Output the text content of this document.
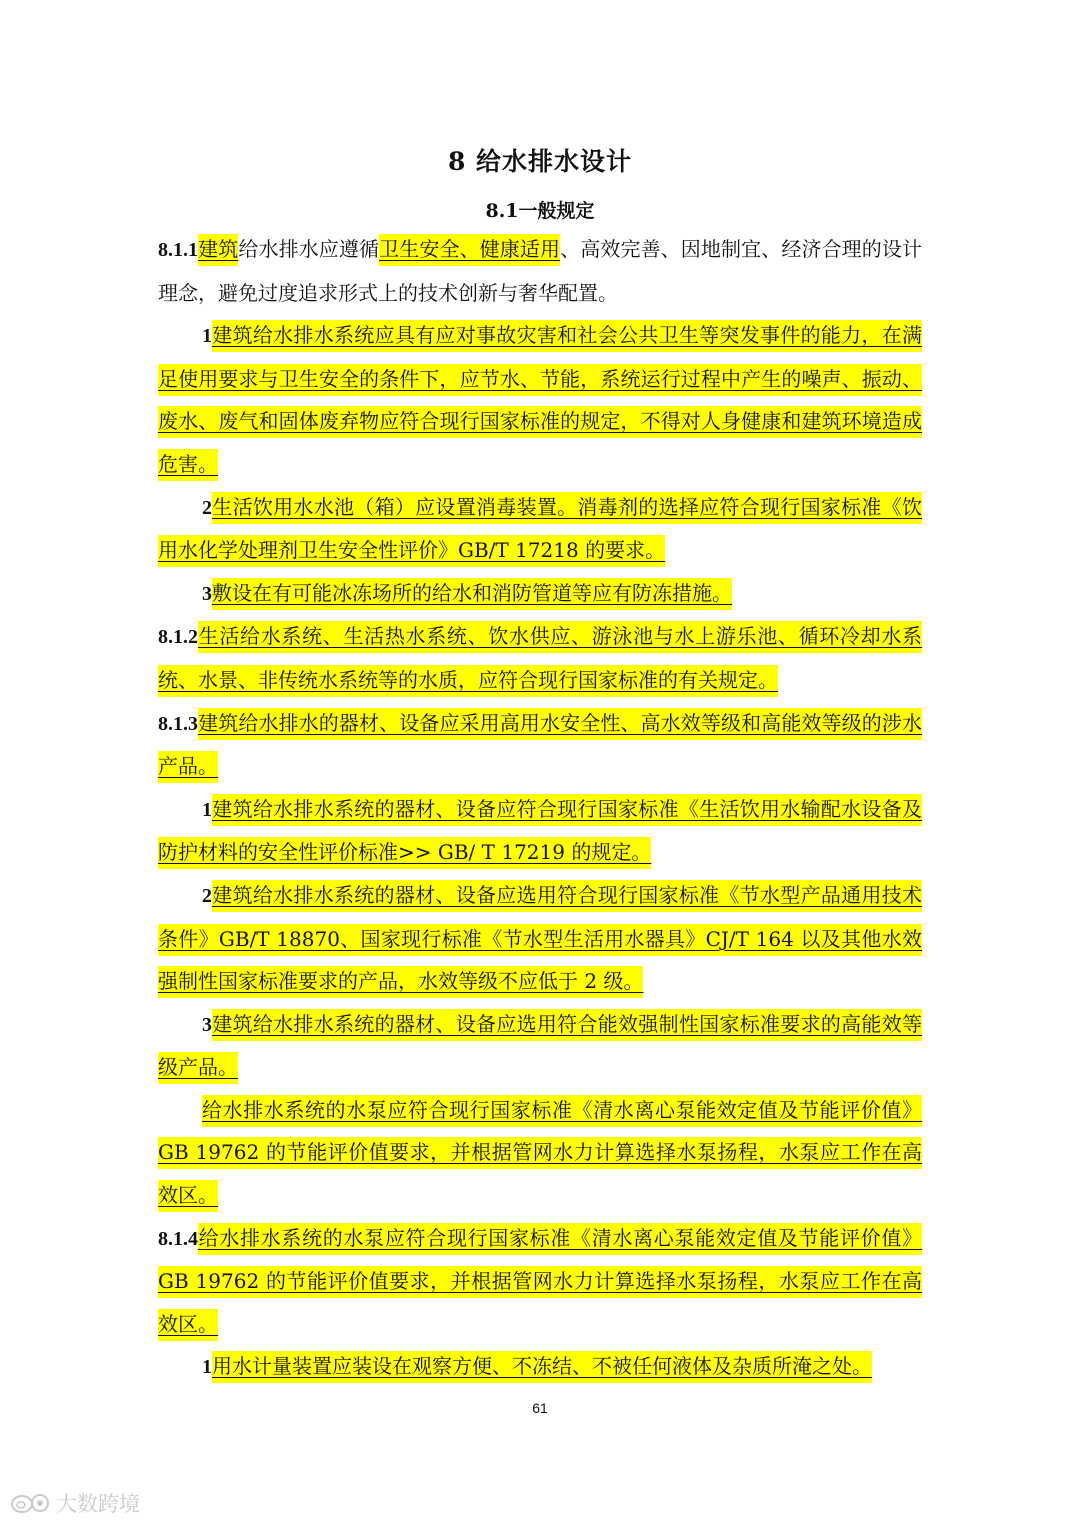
8 给水排水设计
8.1一般规定

8.1.1建筑给水排水应遵循卫生安全、健康适用、高效完善、因地制宜、经济合理的设计理念，避免过度追求形式上的技术创新与奢华配置。

1建筑给水排水系统应具有应对事故灾害和社会公共卫生等突发事件的能力，在满足使用要求与卫生安全的条件下，应节水、节能，系统运行过程中产生的噪声、振动、废水、废气和固体废弃物应符合现行国家标准的规定，不得对人身健康和建筑环境造成危害。

2生活饮用水水池（箱）应设置消毒装置。消毒剂的选择应符合现行国家标准《饮用水化学处理剂卫生安全性评价》GB/T 17218 的要求。

3敷设在有可能冰冻场所的给水和消防管道等应有防冻措施。

8.1.2生活给水系统、生活热水系统、饮水供应、游泳池与水上游乐池、循环冷却水系统、水景、非传统水系统等的水质，应符合现行国家标准的有关规定。

8.1.3建筑给水排水的器材、设备应采用高用水安全性、高水效等级和高能效等级的涉水产品。

1建筑给水排水系统的器材、设备应符合现行国家标准《生活饮用水输配水设备及防护材料的安全性评价标准>> GB/ T 17219 的规定。

2建筑给水排水系统的器材、设备应选用符合现行国家标准《节水型产品通用技术条件》GB/T 18870、国家现行标准《节水型生活用水器具》CJ/T 164 以及其他水效强制性国家标准要求的产品，水效等级不应低于 2 级。

3建筑给水排水系统的器材、设备应选用符合能效强制性国家标准要求的高能效等级产品。

给水排水系统的水泵应符合现行国家标准《清水离心泵能效定值及节能评价值》GB 19762 的节能评价值要求，并根据管网水力计算选择水泵扬程，水泵应工作在高效区。

8.1.4给水排水系统的水泵应符合现行国家标准《清水离心泵能效定值及节能评价值》GB 19762 的节能评价值要求，并根据管网水力计算选择水泵扬程，水泵应工作在高效区。

1用水计量装置应装设在观察方便、不冻结、不被任何液体及杂质所淹之处。

61
大数跨境
